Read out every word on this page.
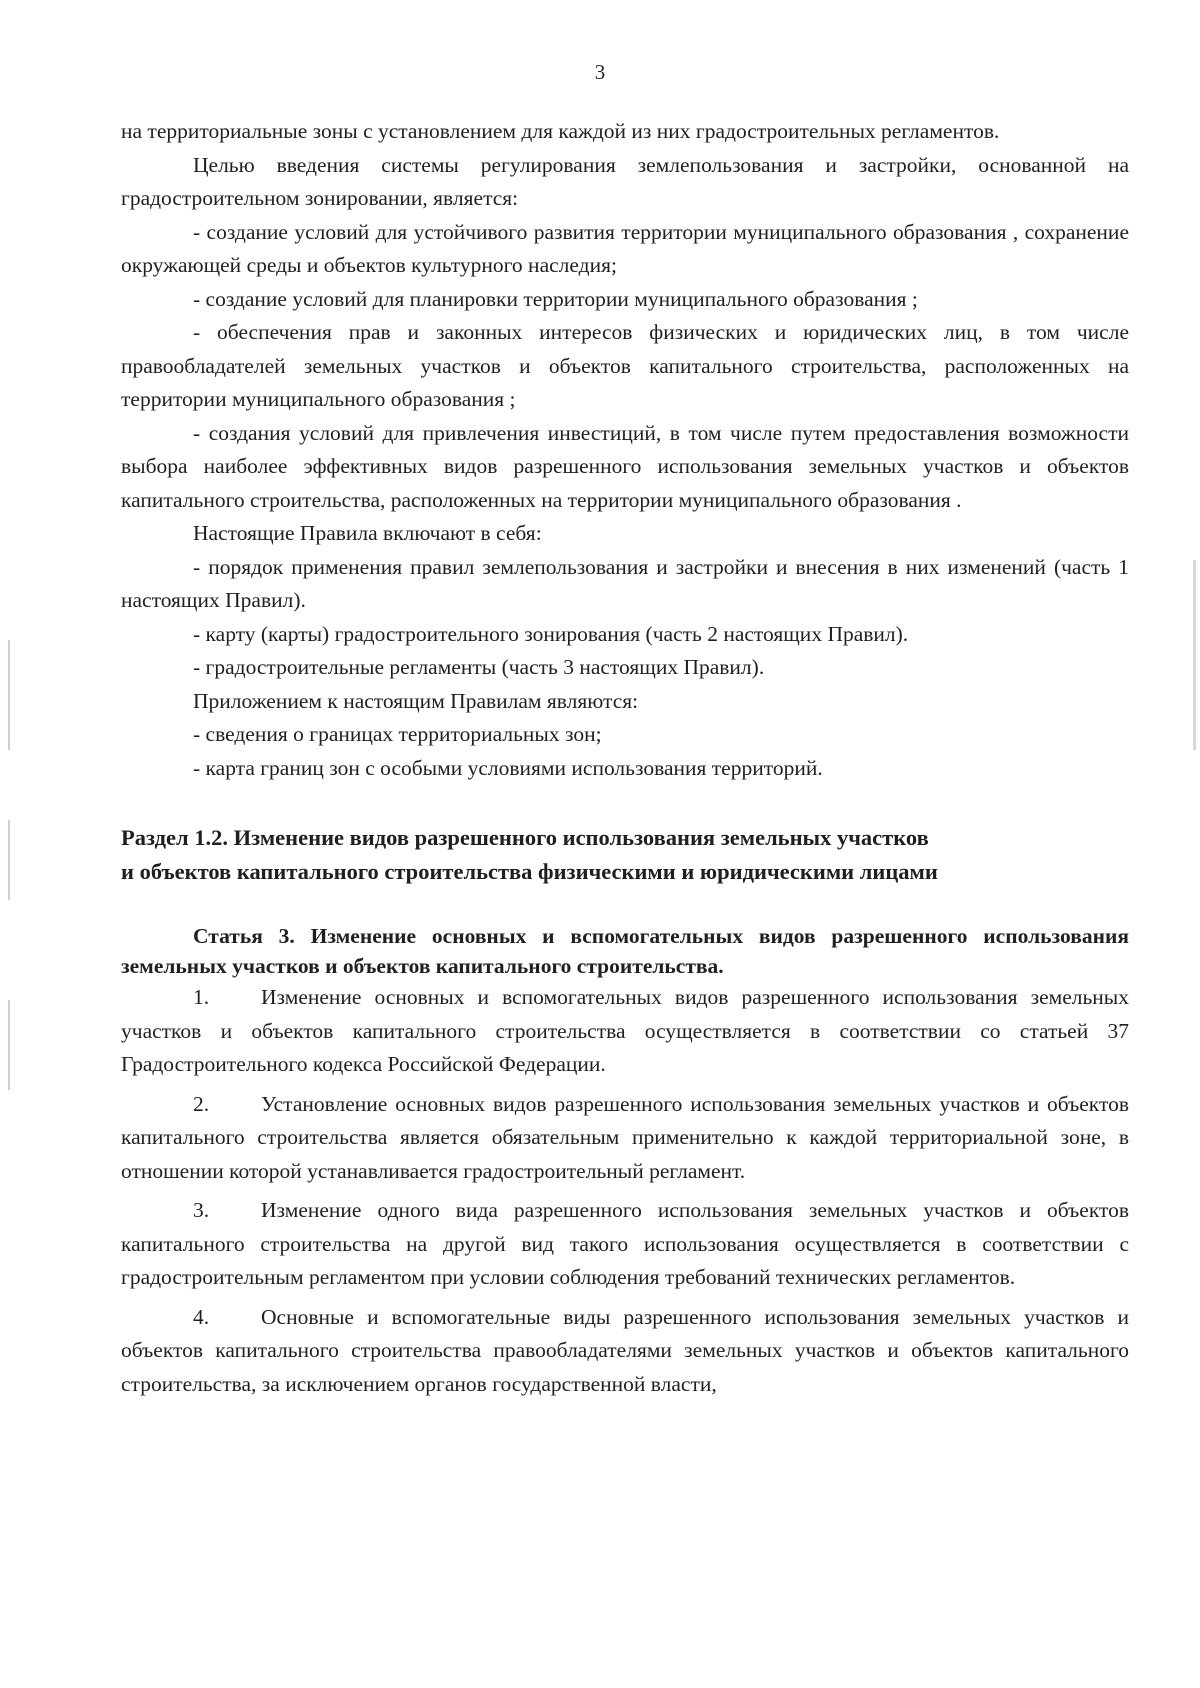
3

на территориальные зоны с установлением для каждой из них градостроительных регламентов.

Целью введения системы регулирования землепользования и застройки, основанной на градостроительном зонировании, является:

- создание условий для устойчивого развития территории муниципального образования , сохранение окружающей среды и объектов культурного наследия;

- создание условий для планировки территории муниципального образования ;

- обеспечения прав и законных интересов физических и юридических лиц, в том числе правообладателей земельных участков и объектов капитального строительства, расположенных на территории муниципального образования ;

- создания условий для привлечения инвестиций, в том числе путем предоставления возможности выбора наиболее эффективных видов разрешенного использования земельных участков и объектов капитального строительства, расположенных на территории муниципального образования .

Настоящие Правила включают в себя:

- порядок применения правил землепользования и застройки и внесения в них изменений (часть 1 настоящих Правил).

- карту (карты) градостроительного зонирования (часть 2 настоящих Правил).

- градостроительные регламенты (часть 3 настоящих Правил).

Приложением к настоящим Правилам являются:

- сведения о границах территориальных зон;

- карта границ зон с особыми условиями использования территорий.

Раздел 1.2. Изменение видов разрешенного использования земельных участков
и объектов капитального строительства физическими и юридическими лицами

Статья 3. Изменение основных и вспомогательных видов разрешенного использования земельных участков и объектов капитального строительства.

1. Изменение основных и вспомогательных видов разрешенного использования земельных участков и объектов капитального строительства осуществляется в соответствии со статьей 37 Градостроительного кодекса Российской Федерации.

2. Установление основных видов разрешенного использования земельных участков и объектов капитального строительства является обязательным применительно к каждой территориальной зоне, в отношении которой устанавливается градостроительный регламент.

3. Изменение одного вида разрешенного использования земельных участков и объектов капитального строительства на другой вид такого использования осуществляется в соответствии с градостроительным регламентом при условии соблюдения требований технических регламентов.

4. Основные и вспомогательные виды разрешенного использования земельных участков и объектов капитального строительства правообладателями земельных участков и объектов капитального строительства, за исключением органов государственной власти,
